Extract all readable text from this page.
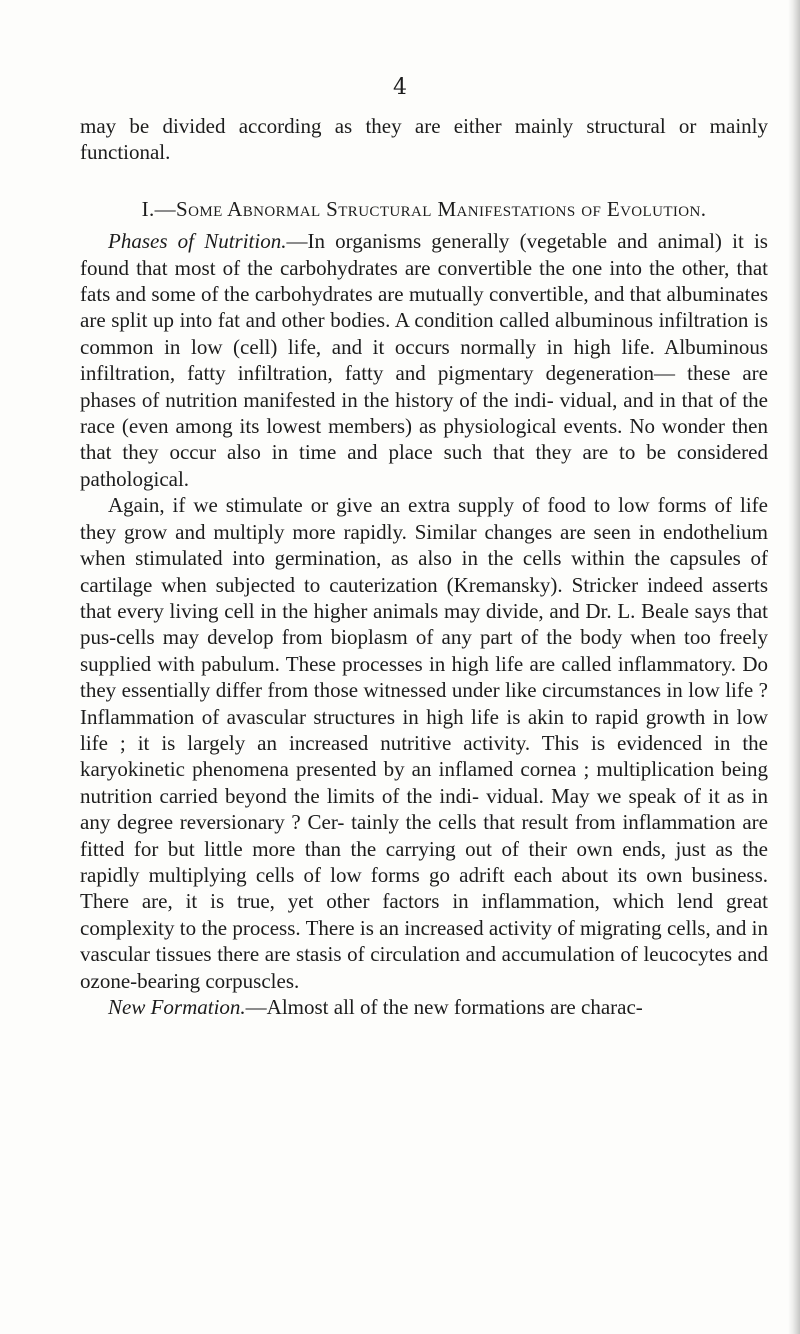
4

may be divided according as they are either mainly structural or mainly functional.

I.—Some Abnormal Structural Manifestations of Evolution.

Phases of Nutrition.—In organisms generally (vegetable and animal) it is found that most of the carbohydrates are convertible the one into the other, that fats and some of the carbohydrates are mutually convertible, and that albuminates are split up into fat and other bodies. A condition called albuminous infiltration is common in low (cell) life, and it occurs normally in high life. Albuminous infiltration, fatty infiltration, fatty and pigmentary degeneration— these are phases of nutrition manifested in the history of the indi- vidual, and in that of the race (even among its lowest members) as physiological events. No wonder then that they occur also in time and place such that they are to be considered pathological.

Again, if we stimulate or give an extra supply of food to low forms of life they grow and multiply more rapidly. Similar changes are seen in endothelium when stimulated into germination, as also in the cells within the capsules of cartilage when subjected to cauterization (Kremansky). Stricker indeed asserts that every living cell in the higher animals may divide, and Dr. L. Beale says that pus-cells may develop from bioplasm of any part of the body when too freely supplied with pabulum. These processes in high life are called inflammatory. Do they essentially differ from those witnessed under like circumstances in low life ? Inflammation of avascular structures in high life is akin to rapid growth in low life ; it is largely an increased nutritive activity. This is evidenced in the karyokinetic phenomena presented by an inflamed cornea ; multiplication being nutrition carried beyond the limits of the indi- vidual. May we speak of it as in any degree reversionary ? Cer- tainly the cells that result from inflammation are fitted for but little more than the carrying out of their own ends, just as the rapidly multiplying cells of low forms go adrift each about its own business. There are, it is true, yet other factors in inflammation, which lend great complexity to the process. There is an increased activity of migrating cells, and in vascular tissues there are stasis of circulation and accumulation of leucocytes and ozone-bearing corpuscles.

New Formation.—Almost all of the new formations are charac-
